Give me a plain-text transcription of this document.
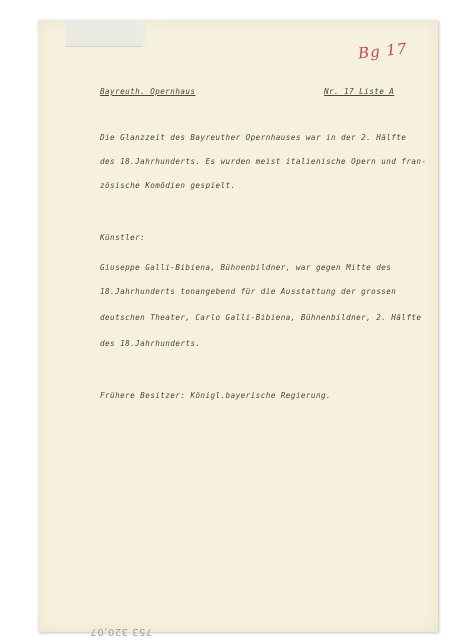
Bg 17
Bayreuth. Opernhaus	Nr. 17 Liste A
Die Glanzzeit des Bayreuther Opernhauses war in der 2. Hälfte
des 18.Jahrhunderts. Es wurden meist italienische Opern und fran-
zösische Komödien gespielt.
Künstler:
Giuseppe Galli-Bibiena, Bühnenbildner, war gegen Mitte des
18.Jahrhunderts tonangebend für die Ausstattung der grossen
deutschen Theater, Carlo Galli-Bibiena, Bühnenbildner, 2. Hälfte
des 18.Jahrhunderts.
Frühere Besitzer: Königl.bayerische Regierung.
753 320,07
